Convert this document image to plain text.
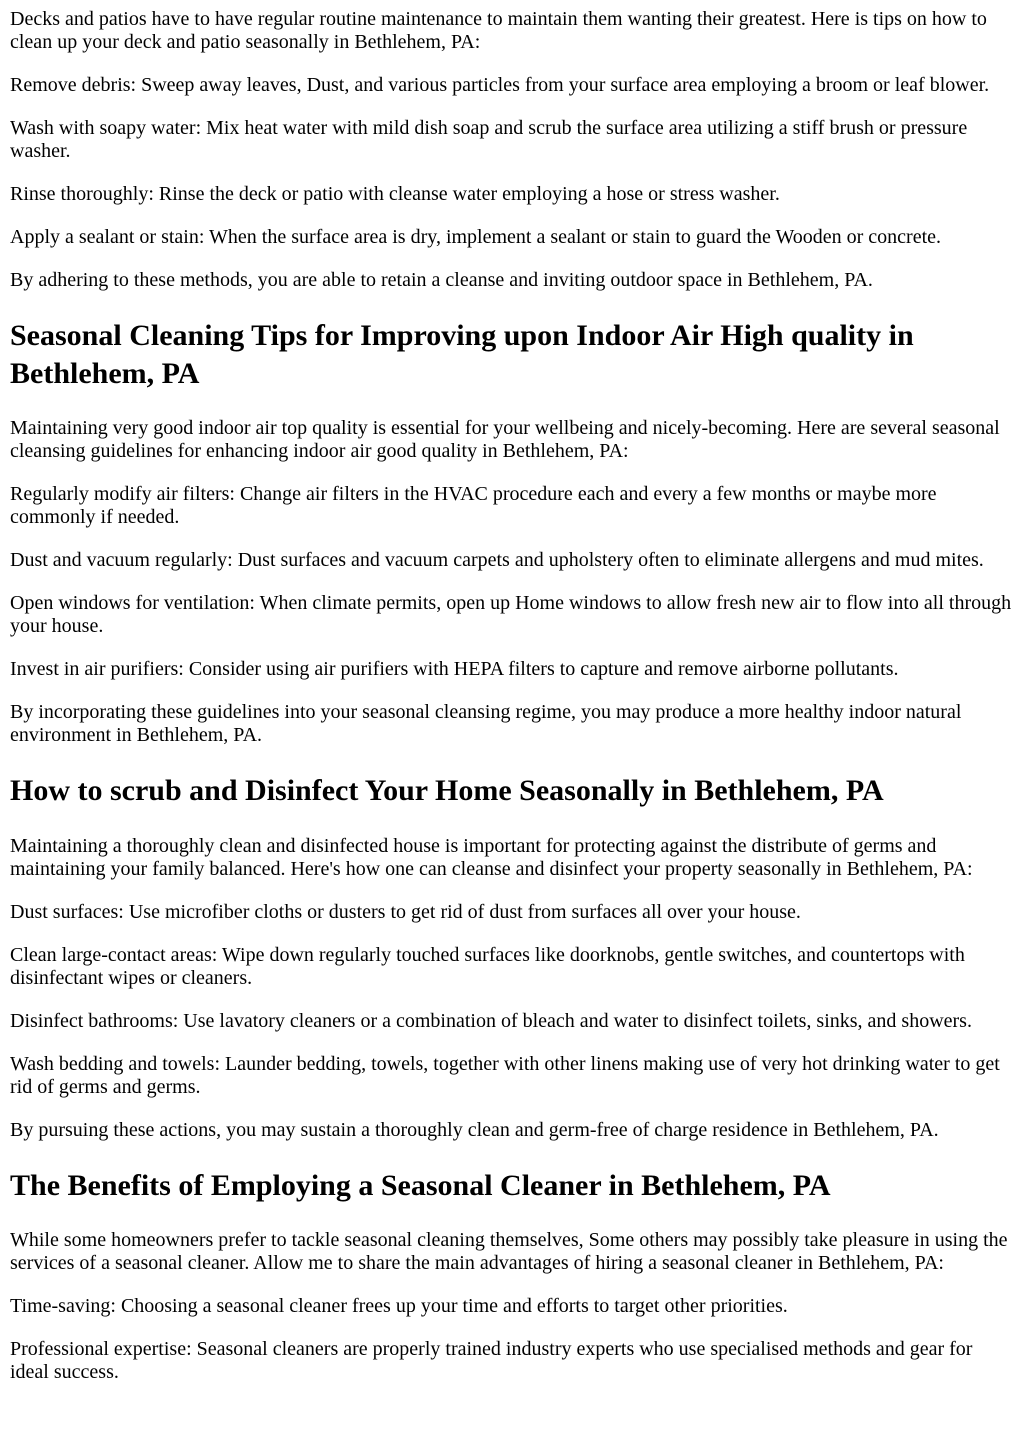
Decks and patios have to have regular routine maintenance to maintain them wanting their greatest. Here is tips on how to clean up your deck and patio seasonally in Bethlehem, PA:

Remove debris: Sweep away leaves, Dust, and various particles from your surface area employing a broom or leaf blower.

Wash with soapy water: Mix heat water with mild dish soap and scrub the surface area utilizing a stiff brush or pressure washer.

Rinse thoroughly: Rinse the deck or patio with cleanse water employing a hose or stress washer.

Apply a sealant or stain: When the surface area is dry, implement a sealant or stain to guard the Wooden or concrete.

By adhering to these methods, you are able to retain a cleanse and inviting outdoor space in Bethlehem, PA.

Seasonal Cleaning Tips for Improving upon Indoor Air High quality in Bethlehem, PA

Maintaining very good indoor air top quality is essential for your wellbeing and nicely-becoming. Here are several seasonal cleansing guidelines for enhancing indoor air good quality in Bethlehem, PA:

Regularly modify air filters: Change air filters in the HVAC procedure each and every a few months or maybe more commonly if needed.

Dust and vacuum regularly: Dust surfaces and vacuum carpets and upholstery often to eliminate allergens and mud mites.

Open windows for ventilation: When climate permits, open up Home windows to allow fresh new air to flow into all through your house.

Invest in air purifiers: Consider using air purifiers with HEPA filters to capture and remove airborne pollutants.

By incorporating these guidelines into your seasonal cleansing regime, you may produce a more healthy indoor natural environment in Bethlehem, PA.

How to scrub and Disinfect Your Home Seasonally in Bethlehem, PA

Maintaining a thoroughly clean and disinfected house is important for protecting against the distribute of germs and maintaining your family balanced. Here's how one can cleanse and disinfect your property seasonally in Bethlehem, PA:

Dust surfaces: Use microfiber cloths or dusters to get rid of dust from surfaces all over your house.

Clean large-contact areas: Wipe down regularly touched surfaces like doorknobs, gentle switches, and countertops with disinfectant wipes or cleaners.

Disinfect bathrooms: Use lavatory cleaners or a combination of bleach and water to disinfect toilets, sinks, and showers.

Wash bedding and towels: Launder bedding, towels, together with other linens making use of very hot drinking water to get rid of germs and germs.

By pursuing these actions, you may sustain a thoroughly clean and germ-free of charge residence in Bethlehem, PA.

The Benefits of Employing a Seasonal Cleaner in Bethlehem, PA

While some homeowners prefer to tackle seasonal cleaning themselves, Some others may possibly take pleasure in using the services of a seasonal cleaner. Allow me to share the main advantages of hiring a seasonal cleaner in Bethlehem, PA:

Time-saving: Choosing a seasonal cleaner frees up your time and efforts to target other priorities.

Professional expertise: Seasonal cleaners are properly trained industry experts who use specialised methods and gear for ideal success.
